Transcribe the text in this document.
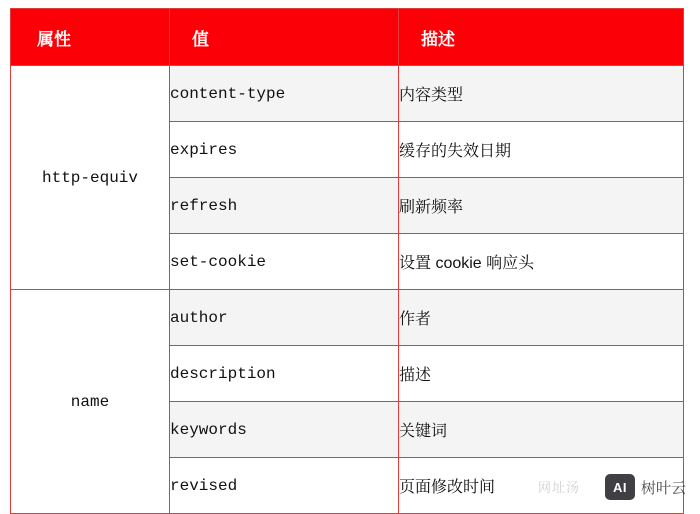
属性	值	描述

http-equiv	content-type	内容类型
	expires	缓存的失效日期
	refresh	刷新频率
	set-cookie	设置 cookie 响应头
name	author	作者
	description	描述
	keywords	关键词
	revised	页面修改时间	网址汤	AI 树叶云
